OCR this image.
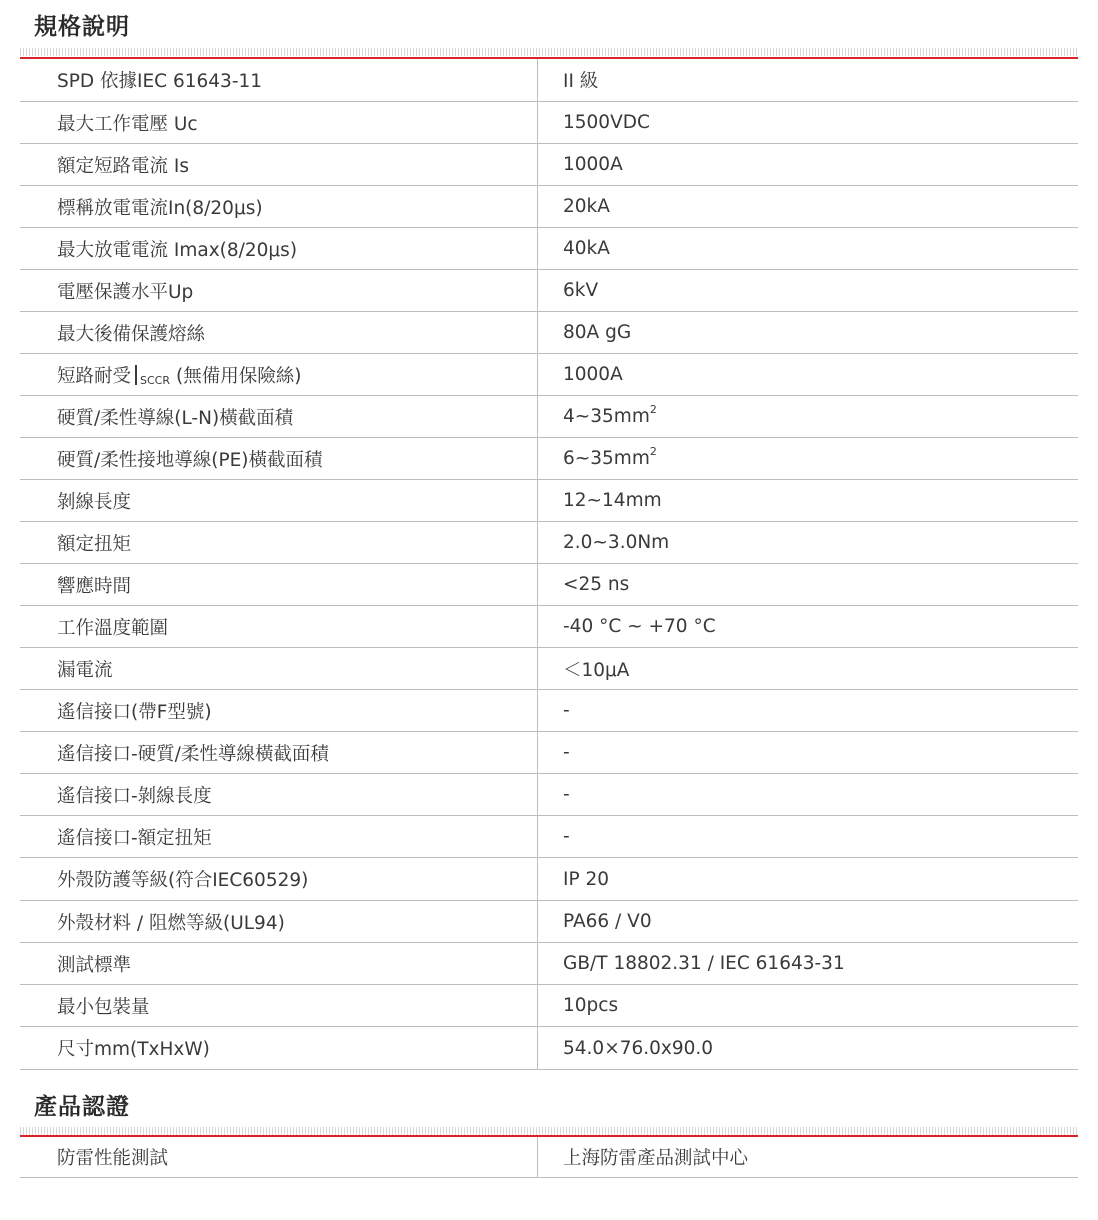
規格說明
SPD 依據IEC 61643-11	II 級
最大工作電壓 Uc	1500VDC
額定短路電流 Is	1000A
標稱放電電流In(8/20μs)	20kA
最大放電電流 Imax(8/20μs)	40kA
電壓保護水平Up	6kV
最大後備保護熔絲	80A gG
短路耐受 SCCR (無備用保險絲)	1000A
硬質/柔性導線(L-N)橫截面積	4~35mm 2
硬質/柔性接地導線(PE)橫截面積	6~35mm 2
剝線長度	12~14mm
額定扭矩	2.0~3.0Nm
響應時間	<25 ns
工作溫度範圍	-40 °C ~ +70 °C
漏電流	＜10μA
遙信接口(帶F型號)	-
遙信接口-硬質/柔性導線橫截面積	-
遙信接口-剝線長度	-
遙信接口-額定扭矩	-
外殼防護等級(符合IEC60529)	IP 20
外殼材料 / 阻燃等級(UL94)	PA66 / V0
測試標準	GB/T 18802.31 / IEC 61643-31
最小包裝量	10pcs
尺寸mm(TxHxW)	54.0×76.0x90.0
產品認證
防雷性能測試	上海防雷產品測試中心
